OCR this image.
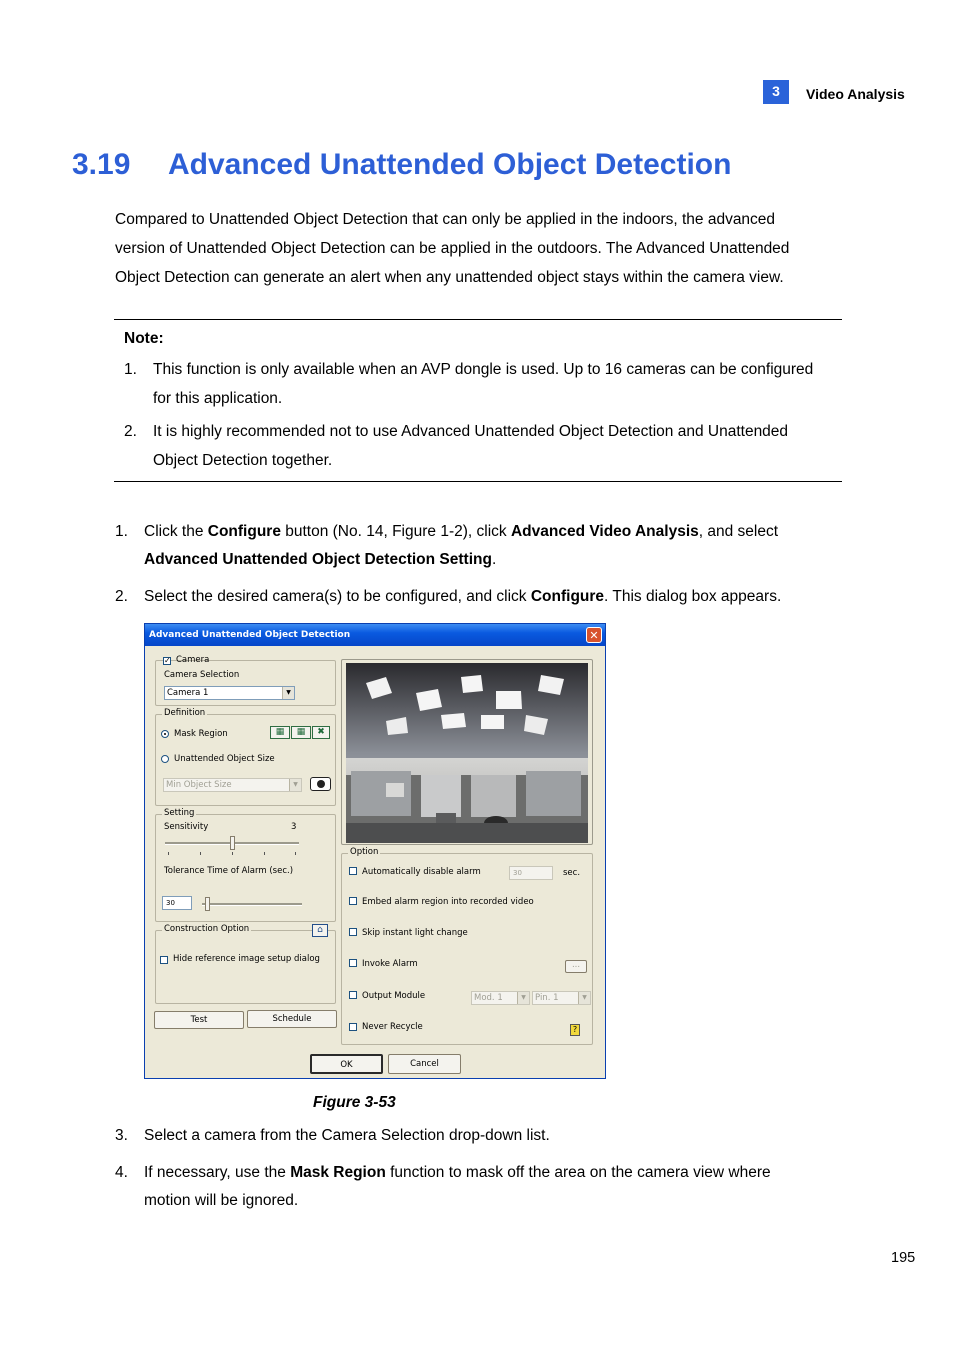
3	Video Analysis
3.19 Advanced Unattended Object Detection
Compared to Unattended Object Detection that can only be applied in the indoors, the advanced
version of Unattended Object Detection can be applied in the outdoors. The Advanced Unattended
Object Detection can generate an alert when any unattended object stays within the camera view.
Note:
1. This function is only available when an AVP dongle is used. Up to 16 cameras can be configured
for this application.
2. It is highly recommended not to use Advanced Unattended Object Detection and Unattended
Object Detection together.
1. Click the Configure button (No. 14, Figure 1-2), click Advanced Video Analysis, and select
Advanced Unattended Object Detection Setting.
2. Select the desired camera(s) to be configured, and click Configure. This dialog box appears.
Advanced Unattended Object Detection	✕
✓ Camera
Camera Selection
Camera 1	▼
Definition
Mask Region	▦	▦	✖
Unattended Object Size
Min Object Size	▼
Setting
Sensitivity	3
Tolerance Time of Alarm (sec.)
30
Construction Option	⌂
Hide reference image setup dialog
Test	Schedule
Option
Automatically disable alarm	30	sec.
Embed alarm region into recorded video
Skip instant light change
Invoke Alarm	...
Output Module	Mod. 1	▼	Pin. 1	▼
Never Recycle	?
OK	Cancel
Figure 3-53
3. Select a camera from the Camera Selection drop-down list.
4. If necessary, use the Mask Region function to mask off the area on the camera view where
motion will be ignored.
195
